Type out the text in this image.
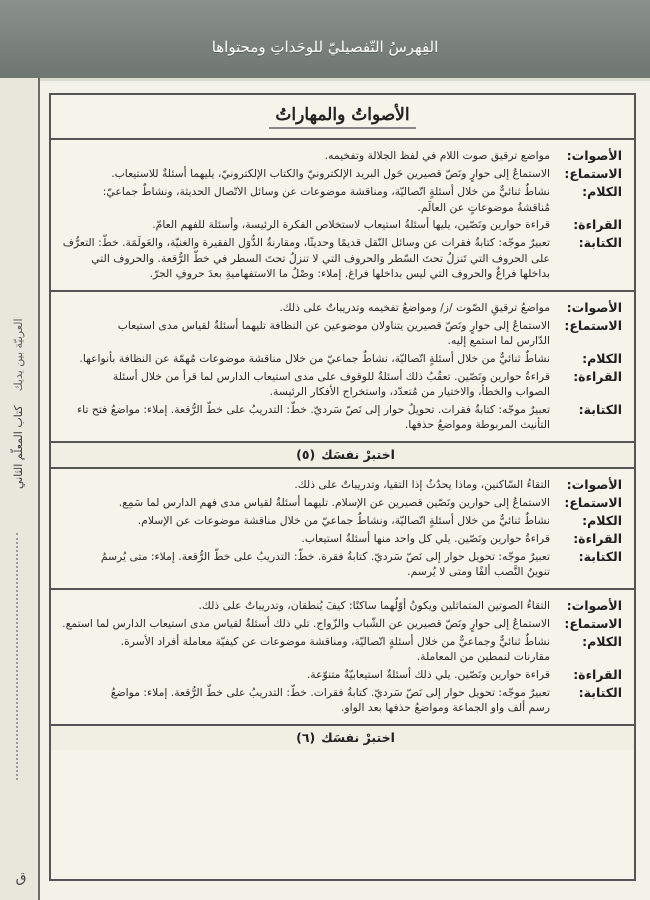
الفِهرسُ التّفصيليّ للوحَداتِ ومحتواها
العربيّة بين يديك    كتاب المعلّم الثاني
ق
الأصواتُ والمهاراتُ
الأصوات:
مواضع ترقيق صوت اللام في لفظ الجلالة وتفخيمه.
الاستماع:
الاستماعُ إلى حوارٍ ونَصّ قصيرين حَول البريد الإلكترونيّ والكتاب الإلكترونيّ، يليهما أسئلةٌ للاستيعاب.
الكلام:
نشاطٌ ثنائيٌّ من خلال أسئلةٍ اتّصاليّة، ومناقشة موضوعات عن وسائل الاتّصال الحديثة، ونشاطٌ جماعيّ:
مُناقشةُ موضوعاتٍ عن العالَم.
القراءة:
قراءة حوارين ونَصّين، يليها أسئلةُ استيعاب لاستخلاص الفكرة الرئيسة، وأسئلة للفهم العامّ.
الكتابة:
تعبيرٌ موجّه: كتابةُ فقرات عن وسائل النّقل قديمًا وحديثًا، ومقارنةُ الدُّوَل الفقيرة والغنيّة، والعَولَمَة. خطّ: التعرُّف على الحروف التي تَنزلُ تحتَ السّطر والحروف التي لا تنزلُ تحتَ السطر في خطّ الرُّقعة. والحروف التي بداخلها فراغٌ والحروف التي ليس بداخلها فراغ. إملاء: وصْلُ ما الاستفهاميةِ بعدَ حروفِ الجرّ.
الأصوات:
مواضعُ ترقيقِ الصّوت /ز/ ومواضعُ تفخيمه وتدريباتٌ على ذلك.
الاستماع:
الاستماعُ إلى حوارٍ ونَصّ قصيرين يتناولان موضوعين عن النظافة تليهما أسئلةٌ لقياس مدى استيعاب
الدّارس لما استمع إليه.
الكلام:
نشاطٌ ثنائيٌّ من خلال أسئلةٍ اتّصاليّة، نشاطٌ جماعيّ من خلال مناقشة موضوعات مُهمّة عن النظافة بأنواعها.
القراءة:
قراءةُ حوارين ونَصّين. تعقُبُ ذلك أسئلةٌ للوقوف على مدى استيعاب الدارس لما قرأ من خلال أسئلة
الصواب والخطأ، والاختيار من مُتعدّد، واستخراج الأفكار الرئيسة.
الكتابة:
تعبيرٌ موجّه: كتابةُ فقرات. تحويلُ حوار إلى نَصّ سَرديّ. خطّ: التدريبُ على خطّ الرُّقعة. إملاء: مواضعُ فتح تاء التأنيث المربوطة ومواضعُ حذفها.
اختبرْ نفسَك
(٥)
الأصوات:
التقاءُ السّاكنين، وماذا يحدُثُ إذا التقيا، وتدريباتٌ على ذلك.
الاستماع:
الاستماعُ إلى حوارين ونَصّين قصيرين عن الإسلام. تليهما أسئلةٌ لقياس مدى فهم الدارس لما سَمِع.
الكلام:
نشاطٌ ثنائيٌّ من خلال أسئلةٍ اتّصاليّة، ونشاطٌ جماعيّ من خلال مناقشة موضوعات عن الإسلام.
القراءة:
قراءةُ حوارين ونَصّين. يلي كل واحد منها أسئلةُ استيعاب.
الكتابة:
تعبيرٌ موجّه: تحويل حوار إلى نَصّ سَرديّ. كتابةُ فقرة. خطّ: التدريبُ على خطّ الرُّقعة. إملاء: متى يُرسمُ
تنوينُ النَّصب ألفًا ومتى لا يُرسم.
الأصوات:
التقاءُ الصوتين المتماثلين ويكونُ أوّلُهما ساكنًا: كيفَ يُنطقان، وتدريباتٌ على ذلك.
الاستماع:
الاستماعُ إلى حوارٍ ونَصّ قصيرين عن الشّباب والزّواج. تلي ذلك أسئلةٌ لقياس مدى استيعاب الدارس لما استمع.
الكلام:
نشاطٌ ثنائيٌّ وجماعيٌّ من خلال أسئلةٍ اتّصاليّة، ومناقشة موضوعات عن كيفيّة معاملة أفراد الأسرة.
مقارنات لنمطين من المعاملة.
القراءة:
قراءة حوارين ونَصّين. يلي ذلك أسئلةٌ استيعابيّةٌ متنوّعة.
الكتابة:
تعبيرٌ موجّه: تحويل حوار إلى نَصّ سَرديّ. كتابةُ فقرات. خطّ: التدريبُ على خطّ الرُّقعة. إملاء: مواضعُ
رسم ألف واو الجماعة ومواضعُ حذفها بعد الواو.
اختبرْ نفسَك
(٦)
